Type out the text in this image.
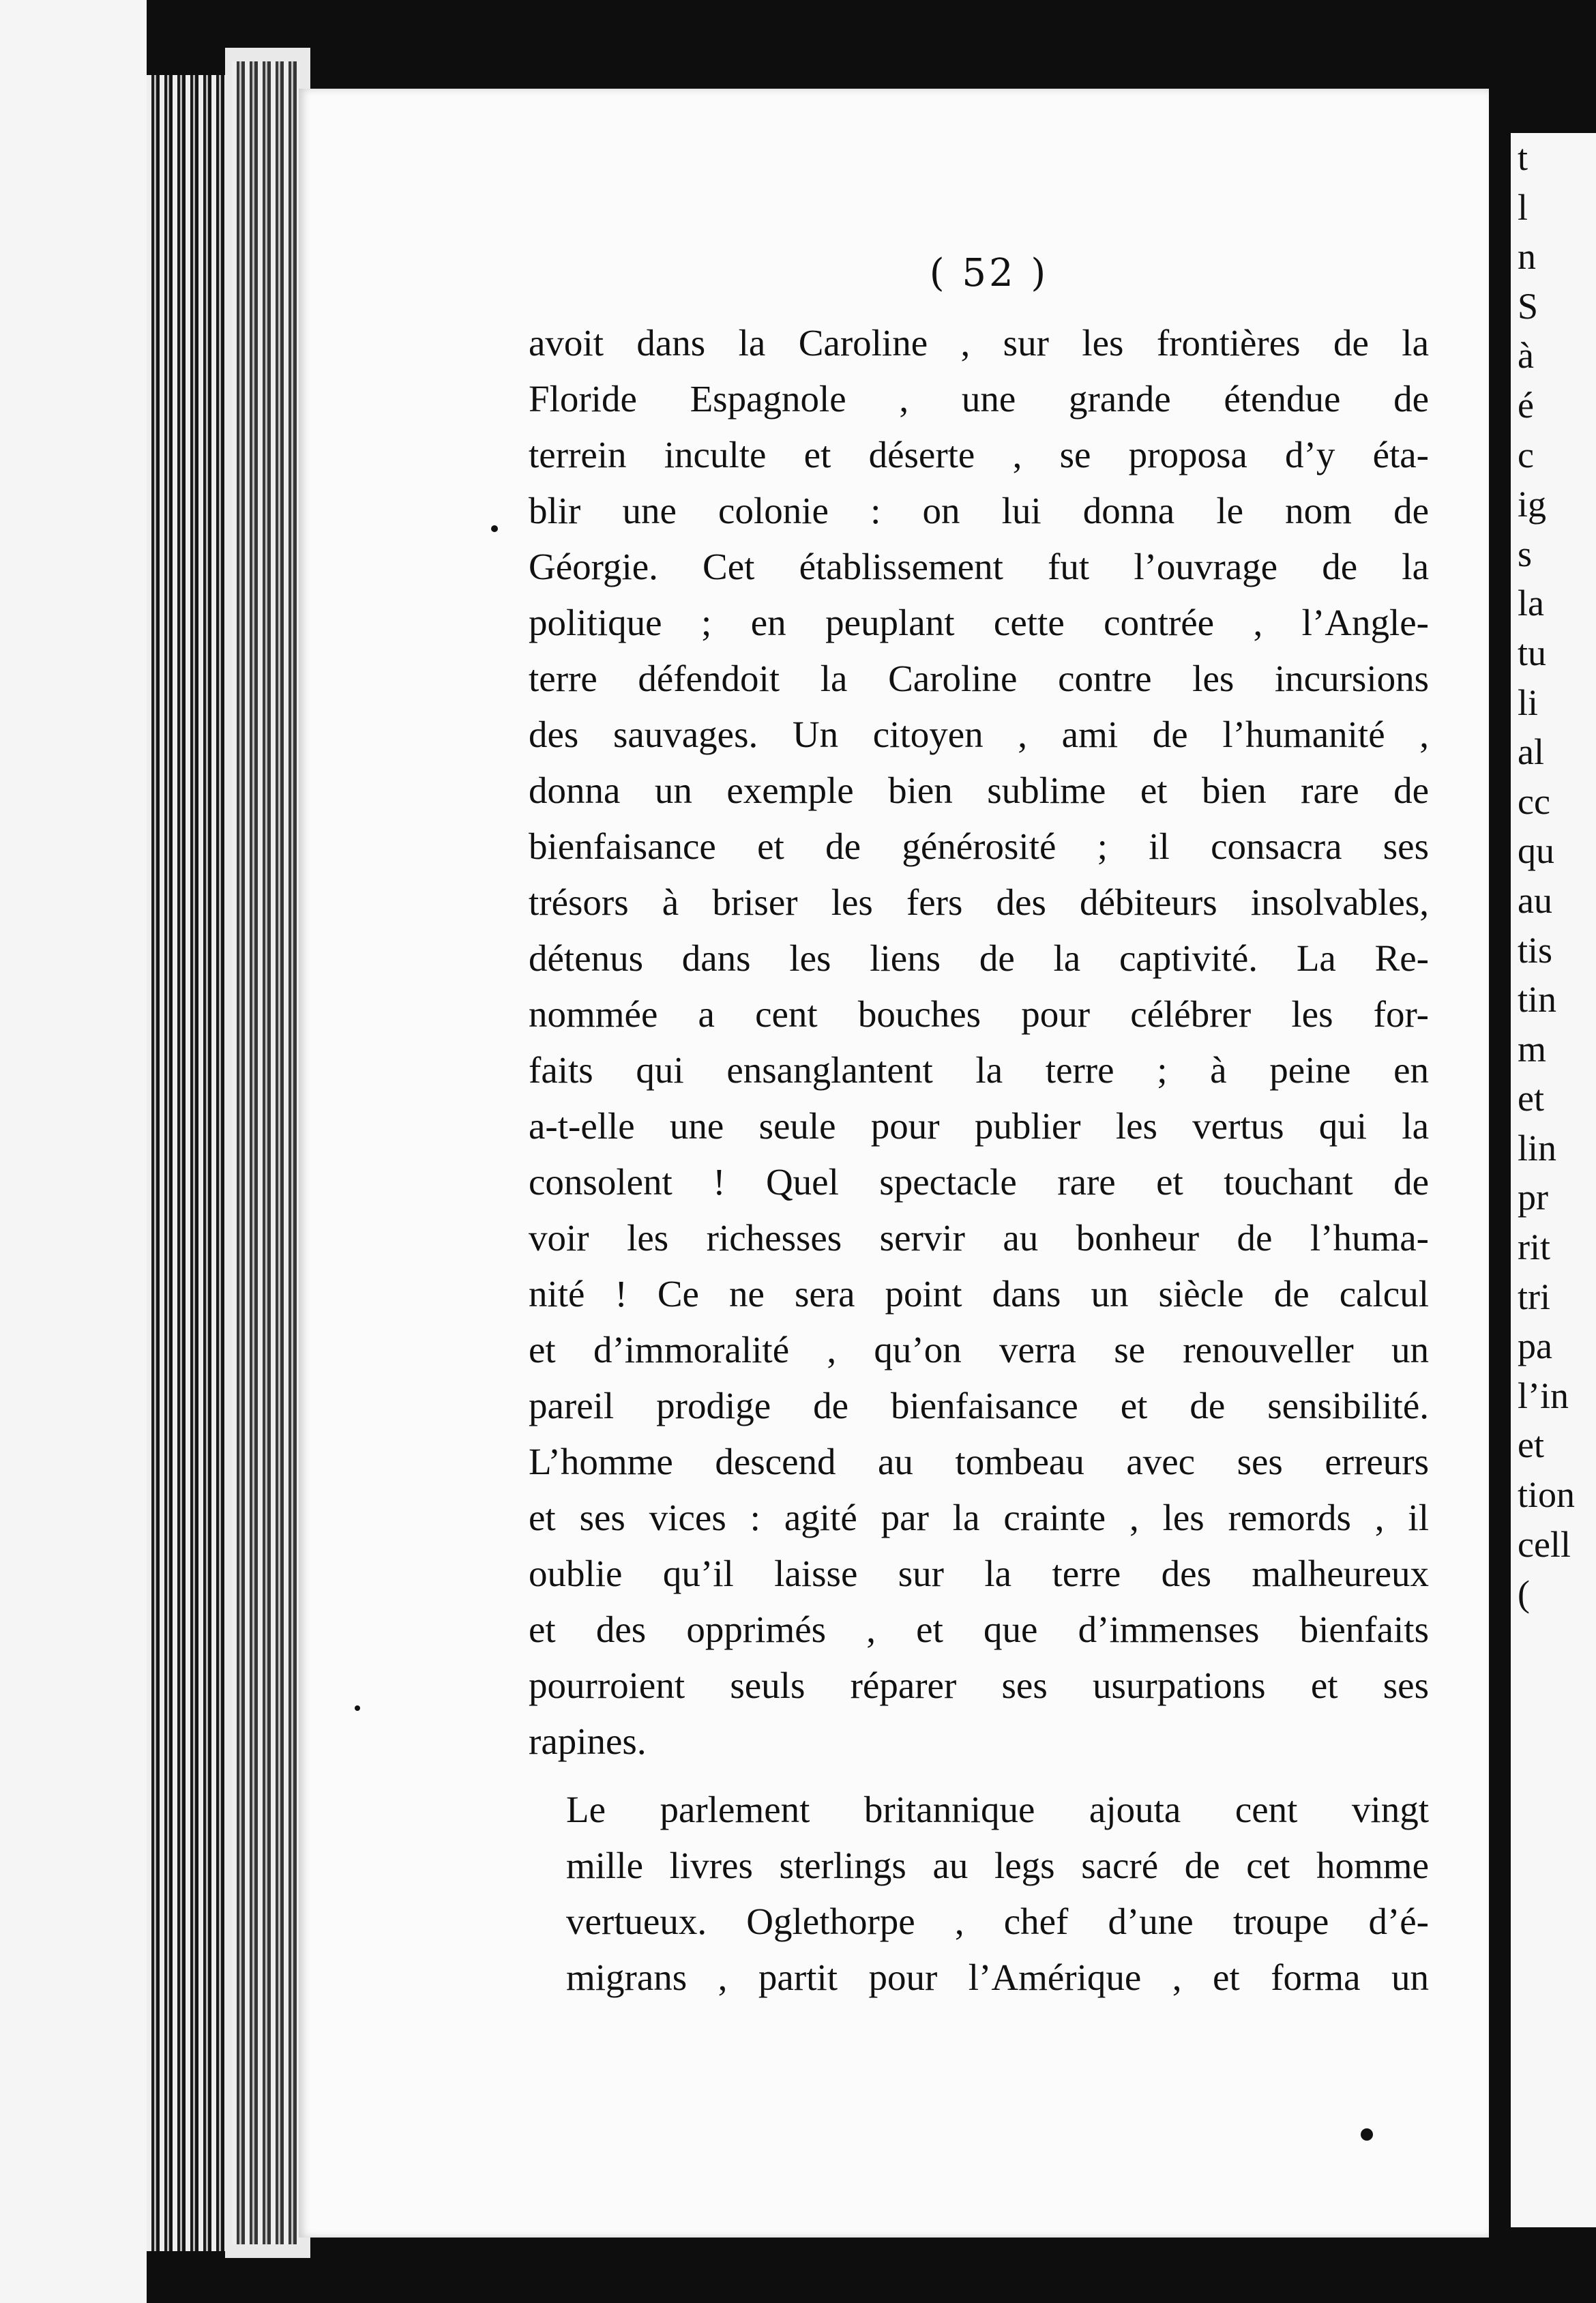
( 52 )

avoit dans la Caroline , sur les frontières de la
Floride Espagnole , une grande étendue de
terrein inculte et déserte , se proposa d’y éta-
blir une colonie : on lui donna le nom de
Géorgie. Cet établissement fut l’ouvrage de la
politique ; en peuplant cette contrée , l’Angle-
terre défendoit la Caroline contre les incursions
des sauvages. Un citoyen , ami de l’humanité ,
donna un exemple bien sublime et bien rare de
bienfaisance et de générosité ; il consacra ses
trésors à briser les fers des débiteurs insolvables,
détenus dans les liens de la captivité. La Re-
nommée a cent bouches pour célébrer les for-
faits qui ensanglantent la terre ; à peine en
a-t-elle une seule pour publier les vertus qui la
consolent ! Quel spectacle rare et touchant de
voir les richesses servir au bonheur de l’huma-
nité ! Ce ne sera point dans un siècle de calcul
et d’immoralité , qu’on verra se renouveller un
pareil prodige de bienfaisance et de sensibilité.
L’homme descend au tombeau avec ses erreurs
et ses vices : agité par la crainte , les remords , il
oublie qu’il laisse sur la terre des malheureux
et des opprimés , et que d’immenses bienfaits
pourroient seuls réparer ses usurpations et ses
rapines.

Le parlement britannique ajouta cent vingt
mille livres sterlings au legs sacré de cet homme
vertueux. Oglethorpe , chef d’une troupe d’é-
migrans , partit pour l’Amérique , et forma un

t
l
n
S
à
é
c
ig
s
la
tu
li
al
cc
qu
au
tis
tin
m
et
lin
pr
rit
tri
pa
l’in
et
tion
cell
(
